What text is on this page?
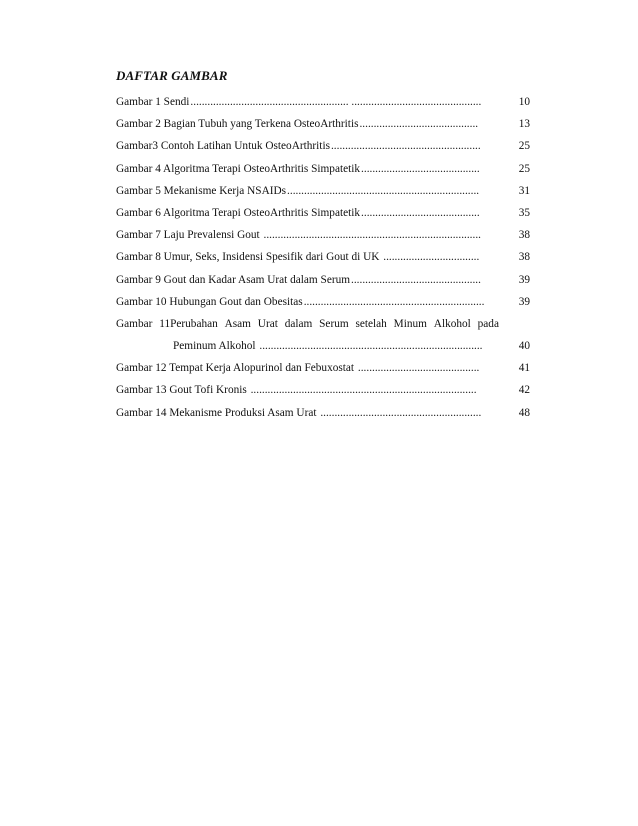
DAFTAR GAMBAR
Gambar 1 Sendi........................................................ ..............................................	10
Gambar 2 Bagian Tubuh yang Terkena OsteoArthritis..........................................	13
Gambar3 Contoh Latihan Untuk OsteoArthritis.....................................................	25
Gambar 4 Algoritma Terapi OsteoArthritis Simpatetik..........................................	25
Gambar 5 Mekanisme Kerja NSAIDs....................................................................	31
Gambar 6 Algoritma Terapi OsteoArthritis Simpatetik..........................................	35
Gambar 7 Laju Prevalensi Gout .............................................................................	38
Gambar 8 Umur, Seks, Insidensi Spesifik dari Gout di UK ..................................	38
Gambar 9 Gout dan Kadar Asam Urat dalam Serum..............................................	39
Gambar 10 Hubungan Gout dan Obesitas................................................................	39
Gambar 11Perubahan Asam Urat dalam Serum setelah Minum Alkohol pada
Peminum Alkohol ...............................................................................	40
Gambar 12 Tempat Kerja Alopurinol dan Febuxostat ...........................................	41
Gambar 13 Gout Tofi Kronis ................................................................................	42
Gambar 14 Mekanisme Produksi Asam Urat .........................................................	48
